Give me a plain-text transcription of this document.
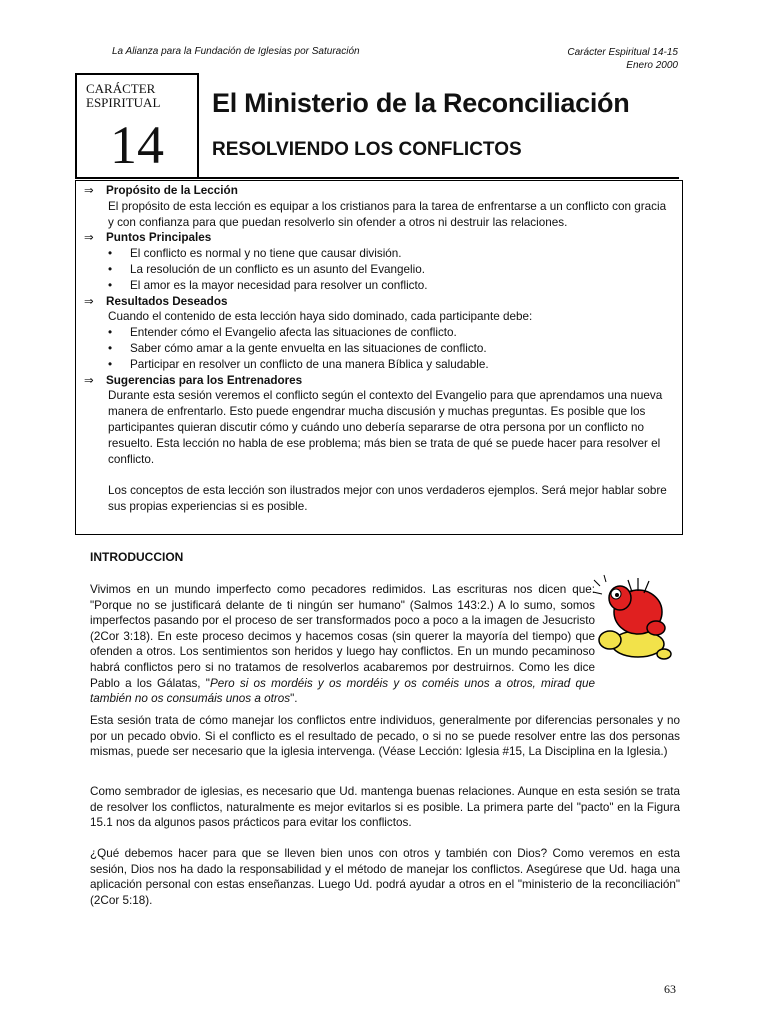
La Alianza para la Fundación de Iglesias por Saturación	Carácter Espiritual 14-15
Enero 2000
CARÁCTER
ESPIRITUAL
14
El Ministerio de la Reconciliación
RESOLVIENDO LOS CONFLICTOS

⇒ Propósito de la Lección

El propósito de esta lección es equipar a los cristianos para la tarea de enfrentarse a un conflicto con gracia y con confianza para que puedan resolverlo sin ofender a otros ni destruir las relaciones.

⇒ Puntos Principales

• El conflicto es normal y no tiene que causar división.
• La resolución de un conflicto es un asunto del Evangelio.
• El amor es la mayor necesidad para resolver un conflicto.

⇒ Resultados Deseados

Cuando el contenido de esta lección haya sido dominado, cada participante debe:
• Entender cómo el Evangelio afecta las situaciones de conflicto.
• Saber cómo amar a la gente envuelta en las situaciones de conflicto.
• Participar en resolver un conflicto de una manera Bíblica y saludable.

⇒ Sugerencias para los Entrenadores

Durante esta sesión veremos el conflicto según el contexto del Evangelio para que aprendamos una nueva manera de enfrentarlo. Esto puede engendrar mucha discusión y muchas preguntas. Es posible que los participantes quieran discutir cómo y cuándo uno debería separarse de otra persona por un conflicto no resuelto. Esta lección no habla de ese problema; más bien se trata de qué se puede hacer para resolver el conflicto.
Los conceptos de esta lección son ilustrados mejor con unos verdaderos ejemplos. Será mejor hablar sobre sus propias experiencias si es posible.
INTRODUCCION
Vivimos en un mundo imperfecto como pecadores redimidos. Las escrituras nos dicen que: "Porque no se justificará delante de ti ningún ser humano" (Salmos 143:2.) A lo sumo, somos imperfectos pasando por el proceso de ser transformados poco a poco a la imagen de Jesucristo (2Cor 3:18). En este proceso decimos y hacemos cosas (sin querer la mayoría del tiempo) que ofenden a otros. Los sentimientos son heridos y luego hay conflictos. En un mundo pecaminoso habrá conflictos pero si no tratamos de resolverlos acabaremos por destruirnos. Como les dice Pablo a los Gálatas, "Pero si os mordéis y os mordéis y os coméis unos a otros, mirad que también no os consumáis unos a otros".
Esta sesión trata de cómo manejar los conflictos entre individuos, generalmente por diferencias personales y no por un pecado obvio. Si el conflicto es el resultado de pecado, o si no se puede resolver entre las dos personas mismas, puede ser necesario que la iglesia intervenga. (Véase Lección: Iglesia #15, La Disciplina en la Iglesia.)
Como sembrador de iglesias, es necesario que Ud. mantenga buenas relaciones. Aunque en esta sesión se trata de resolver los conflictos, naturalmente es mejor evitarlos si es posible. La primera parte del "pacto" en la Figura 15.1 nos da algunos pasos prácticos para evitar los conflictos.
¿Qué debemos hacer para que se lleven bien unos con otros y también con Dios? Como veremos en esta sesión, Dios nos ha dado la responsabilidad y el método de manejar los conflictos. Asegúrese que Ud. haga una aplicación personal con estas enseñanzas. Luego Ud. podrá ayudar a otros en el "ministerio de la reconciliación" (2Cor 5:18).
63
